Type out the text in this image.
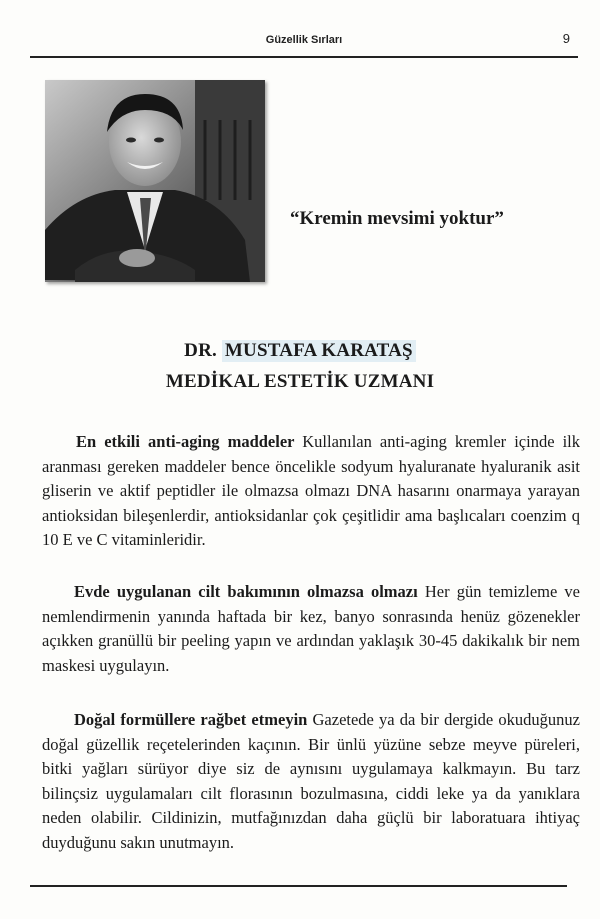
Güzellik Sırları	9
“Kremin mevsimi yoktur”
DR. MUSTAFA KARATAŞ
MEDİKAL ESTETİK UZMANI

En etkili anti-aging maddeler Kullanılan anti-aging kremler içinde ilk aranması gereken maddeler bence öncelikle sodyum hyaluranate hyaluranik asit gliserin ve aktif peptidler ile olmazsa olmazı DNA hasarını onarmaya yarayan antioksidan bileşenlerdir, antioksidanlar çok çeşitlidir ama başlıcaları coenzim q 10 E ve C vitaminleridir.

Evde uygulanan cilt bakımının olmazsa olmazı Her gün temizleme ve nemlendirmenin yanında haftada bir kez, banyo sonrasında henüz gözenekler açıkken granüllü bir peeling yapın ve ardından yaklaşık 30-45 dakikalık bir nem maskesi uygulayın.

Doğal formüllere rağbet etmeyin Gazetede ya da bir dergide okuduğunuz doğal güzellik reçetelerinden kaçının. Bir ünlü yüzüne sebze meyve püreleri, bitki yağları sürüyor diye siz de aynısını uygulamaya kalkmayın. Bu tarz bilinçsiz uygulamaları cilt florasının bozulmasına, ciddi leke ya da yanıklara neden olabilir. Cildinizin, mutfağınızdan daha güçlü bir laboratuara ihtiyaç duyduğunu sakın unutmayın.
